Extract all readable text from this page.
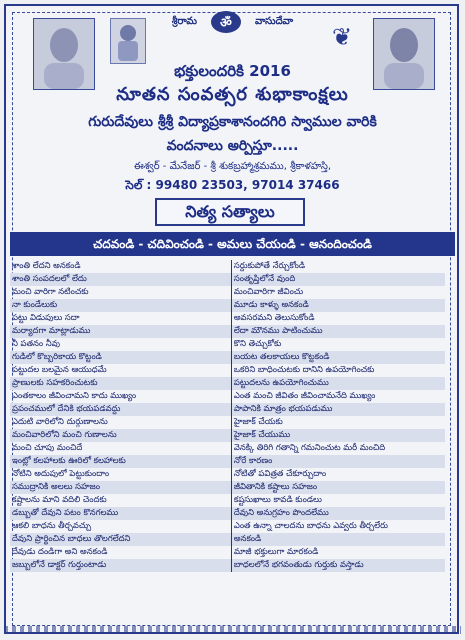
❦
శ్రీరామ	ॐ	వాసుదేవా
భక్తులందరికి 2016
నూతన సంవత్సర శుభాకాంక్షలు
గురుదేవులు శ్రీశ్రీ విద్యాప్రకాశానందగిరి స్వాముల వారికి
వందనాలు అర్పిస్తూ.....
ఈశ్వర్ - మేనేజర్ - శ్రీ శుకబ్రహ్మాశ్రమము, శ్రీకాళహస్తి,
సెల్ : 99480 23503, 97014 37466
నిత్య సత్యాలు
చదవండి - చదివించండి - అమలు చేయండి - ఆనందించండి
శాంతి లేదని అనకండి	సర్దుకుపోతే నేర్చుకోండి
శాంతి సంపదలలో లేదు	సంతృప్తిలోనే వుంది
మంచి వారిగా నటించకు	మంచివారిగా జీవించు
నా కుండేలుకు	మూడు కాళ్ళు అనకండి
పట్టు విడుపులు సదా	అవసరమని తెలుసుకోండి
మర్యాదగా మాట్లాడుము	లేదా మౌనము పాటించుము
నీ పతనం నీవు	కొని తెచ్చుకోకు
గుడిలో కొబ్బరికాయ కొట్టండి	బయట తలకాయలు కొట్టకండి
పట్టుదల బలమైన ఆయుధమే	ఒకరిని బాధించుటకు దానిని ఉపయోగించకు
ప్రాణులకు సహకరించుటకు	పట్టుదలను ఉపయోగించుము
ఎంతకాలం జీవించామని కాదు ముఖ్యం	ఎంత మంచి జీవితం జీవించామనేది ముఖ్యం
ప్రపంచములో దేనికి భయపడవద్దు	పాపానికి మాత్రం భయపడుము
ఎదుటి వారిలోని దుర్గుణాలను	హైజాక్ చేయకు
మంచివారిలోని మంచి గుణాలను	హైజాక్ చేయుము
మంచి చూపు మంచిదే	వెనక్కి తిరిగి గతాన్ని గమనించుట మరీ మంచిది
ఇంట్లో కలహాలకు ఊరిలో కలహాలకు	నోరే కారణం
నోటిని అదుపులో పెట్టుకుందాం	నోటితో పవిత్రత చేకూర్చుదాం
సముద్రానికి అలలు సహజం	జీవితానికి కష్టాలు సహజం
కష్టాలను మాని వదిలి చెందకు	కష్టసుఖాలు కావడి కుండలు
డబ్బుతో దేవుని పటం కొనగలము	దేవుని అనుగ్రహం పొందలేము
ఆకలి బాధను తీర్చవచ్చు	ఎంత ఉన్నా చాలదను బాధను ఎవ్వరు తీర్చలేరు
దేవుని ప్రార్థించిన బాధలు తొలగలేదని	అనకండి
దేవుడు దండిగా అని అనకండి	మాజీ భక్తులుగా మారకండి
జబ్బులోనే డాక్టర్ గుర్తుంటాడు	బాధలలోనే భగవంతుడు గుర్తుకు వస్తాడు
